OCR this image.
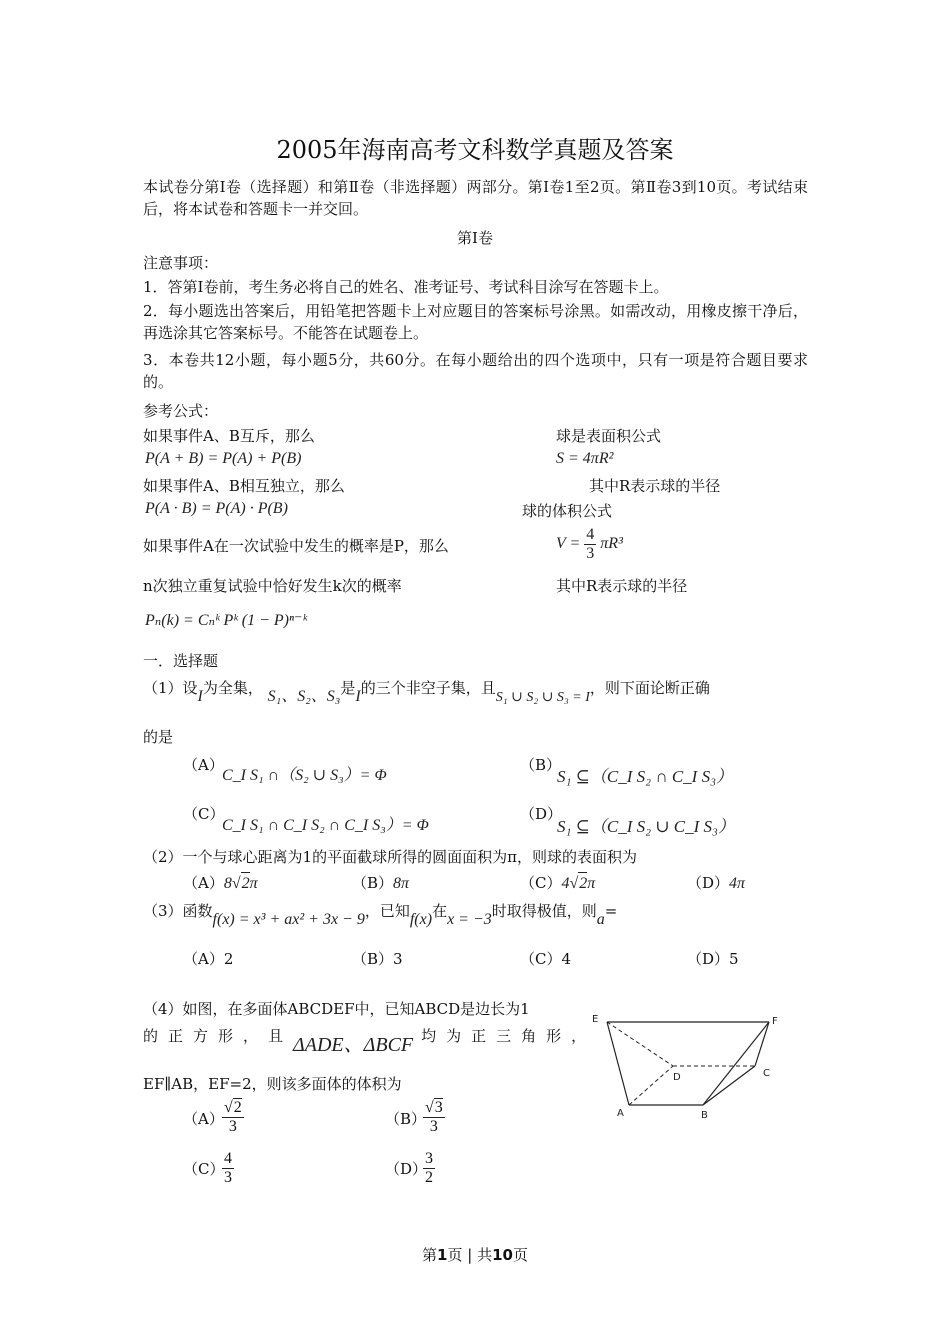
2005年海南高考文科数学真题及答案
本试卷分第Ⅰ卷（选择题）和第Ⅱ卷（非选择题）两部分。第Ⅰ卷1至2页。第Ⅱ卷3到10页。考试结束后，将本试卷和答题卡一并交回。
第Ⅰ卷
注意事项：
1．答第Ⅰ卷前，考生务必将自己的姓名、准考证号、考试科目涂写在答题卡上。
2．每小题选出答案后，用铅笔把答题卡上对应题目的答案标号涂黑。如需改动，用橡皮擦干净后，再选涂其它答案标号。不能答在试题卷上。
3．本卷共12小题，每小题5分，共60分。在每小题给出的四个选项中，只有一项是符合题目要求的。
参考公式：
如果事件A、B互斥，那么
P(A + B) = P(A) + P(B)
如果事件A、B相互独立，那么
P(A · B) = P(A) · P(B)
如果事件A在一次试验中发生的概率是P，那么
n次独立重复试验中恰好发生k次的概率
Pₙ(k) = Cₙᵏ Pᵏ (1 − P)ⁿ⁻ᵏ
球是表面积公式
S = 4πR²
其中R表示球的半径
球的体积公式
$V = \frac{4}{3} \pi R^3$
其中R表示球的半径
一．选择题
（1）设I为全集， S₁、S₂、S₃是I的三个非空子集，且S₁ ∪ S₂ ∪ S₃ = I，则下面论断正确
的是
（A）
C_I S₁ ∩（S₂ ∪ S₃）= Φ
（B）
S₁ ⊆（C_I S₂ ∩ C_I S₃）
（C）
C_I S₁ ∩ C_I S₂ ∩ C_I S₃）= Φ
（D）
S₁ ⊆（C_I S₂ ∪ C_I S₃）
（2）一个与球心距离为1的平面截球所得的圆面面积为π，则球的表面积为
（A）8√2π	（B）8π	（C）4√2π	（D）4π
（3）函数f(x) = x³ + ax² + 3x − 9，已知f(x)在x = −3时取得极值，则a=
（A）2	（B）3	（C）4	（D）5
（4）如图，在多面体ABCDEF中，已知ABCD是边长为1
的正方形，且ΔADE、ΔBCF 均为正三角形，
EF∥AB，EF=2，则该多面体的体积为
（A）
$\frac{√2}{3}$	（B）
$\frac{√3}{3}$
（C）
$\frac{4}{3}$	（D）
$\frac{3}{2}$
E	F
A	B
C
D
第1页 | 共10页
